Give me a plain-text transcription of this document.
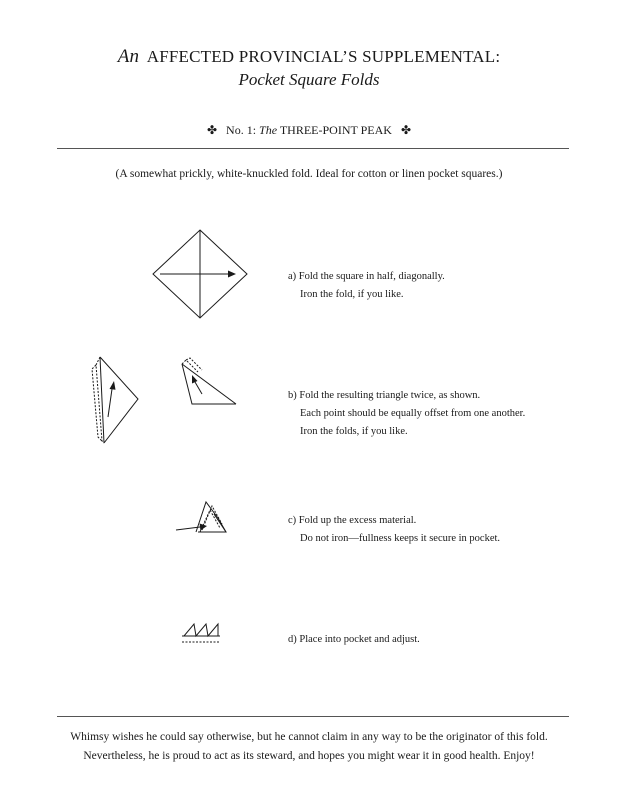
An AFFECTED PROVINCIAL’S SUPPLEMENTAL:
Pocket Square Folds
✤ No. 1: The THREE-POINT PEAK ✤
(A somewhat prickly, white-knuckled fold. Ideal for cotton or linen pocket squares.)
a) Fold the square in half, diagonally.
Iron the fold, if you like.
b) Fold the resulting triangle twice, as shown.
Each point should be equally offset from one another.
Iron the folds, if you like.
c) Fold up the excess material.
Do not iron—fullness keeps it secure in pocket.
d) Place into pocket and adjust.
Whimsy wishes he could say otherwise, but he cannot claim in any way to be the originator of this fold.
Nevertheless, he is proud to act as its steward, and hopes you might wear it in good health. Enjoy!
